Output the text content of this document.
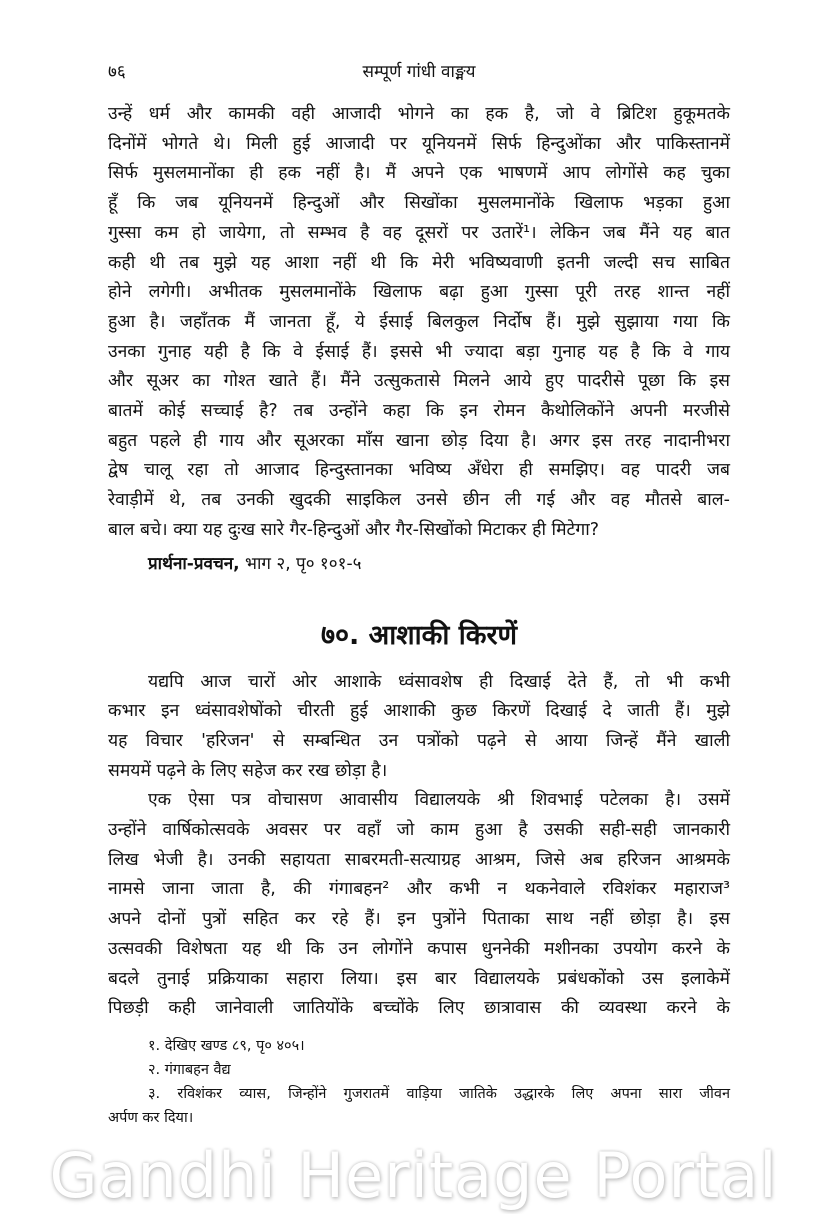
७६	सम्पूर्ण गांधी वाङ्मय

उन्हें धर्म और कामकी वही आजादी भोगने का हक है, जो वे ब्रिटिश हुकूमतके
दिनोंमें भोगते थे। मिली हुई आजादी पर यूनियनमें सिर्फ हिन्दुओंका और पाकिस्तानमें
सिर्फ मुसलमानोंका ही हक नहीं है। मैं अपने एक भाषणमें आप लोगोंसे कह चुका
हूँ कि जब यूनियनमें हिन्दुओं और सिखोंका मुसलमानोंके खिलाफ भड़का हुआ
गुस्सा कम हो जायेगा, तो सम्भव है वह दूसरों पर उतारें¹। लेकिन जब मैंने यह बात
कही थी तब मुझे यह आशा नहीं थी कि मेरी भविष्यवाणी इतनी जल्दी सच साबित
होने लगेगी। अभीतक मुसलमानोंके खिलाफ बढ़ा हुआ गुस्सा पूरी तरह शान्त नहीं
हुआ है। जहाँतक मैं जानता हूँ, ये ईसाई बिलकुल निर्दोष हैं। मुझे सुझाया गया कि
उनका गुनाह यही है कि वे ईसाई हैं। इससे भी ज्यादा बड़ा गुनाह यह है कि वे गाय
और सूअर का गोश्त खाते हैं। मैंने उत्सुकतासे मिलने आये हुए पादरीसे पूछा कि इस
बातमें कोई सच्चाई है? तब उन्होंने कहा कि इन रोमन कैथोलिकोंने अपनी मरजीसे
बहुत पहले ही गाय और सूअरका माँस खाना छोड़ दिया है। अगर इस तरह नादानीभरा
द्वेष चालू रहा तो आजाद हिन्दुस्तानका भविष्य अँधेरा ही समझिए। वह पादरी जब
रेवाड़ीमें थे, तब उनकी खुदकी साइकिल उनसे छीन ली गई और वह मौतसे बाल-
बाल बचे। क्या यह दुःख सारे गैर-हिन्दुओं और गैर-सिखोंको मिटाकर ही मिटेगा?

प्रार्थना-प्रवचन, भाग २, पृ० १०१-५

७०. आशाकी किरणें

यद्यपि आज चारों ओर आशाके ध्वंसावशेष ही दिखाई देते हैं, तो भी कभी
कभार इन ध्वंसावशेषोंको चीरती हुई आशाकी कुछ किरणें दिखाई दे जाती हैं। मुझे
यह विचार 'हरिजन' से सम्बन्धित उन पत्रोंको पढ़ने से आया जिन्हें मैंने खाली
समयमें पढ़ने के लिए सहेज कर रख छोड़ा है।

एक ऐसा पत्र वोचासण आवासीय विद्यालयके श्री शिवभाई पटेलका है। उसमें
उन्होंने वार्षिकोत्सवके अवसर पर वहाँ जो काम हुआ है उसकी सही-सही जानकारी
लिख भेजी है। उनकी सहायता साबरमती-सत्याग्रह आश्रम, जिसे अब हरिजन आश्रमके
नामसे जाना जाता है, की गंगाबहन² और कभी न थकनेवाले रविशंकर महाराज³
अपने दोनों पुत्रों सहित कर रहे हैं। इन पुत्रोंने पिताका साथ नहीं छोड़ा है। इस
उत्सवकी विशेषता यह थी कि उन लोगोंने कपास धुननेकी मशीनका उपयोग करने के
बदले तुनाई प्रक्रियाका सहारा लिया। इस बार विद्यालयके प्रबंधकोंको उस इलाकेमें
पिछड़ी कही जानेवाली जातियोंके बच्चोंके लिए छात्रावास की व्यवस्था करने के

१. देखिए खण्ड ८९, पृ० ४०५।
२. गंगाबहन वैद्य
३. रविशंकर व्यास, जिन्होंने गुजरातमें वाड़िया जातिके उद्धारके लिए अपना सारा जीवन
अर्पण कर दिया।
Gandhi Heritage Portal
